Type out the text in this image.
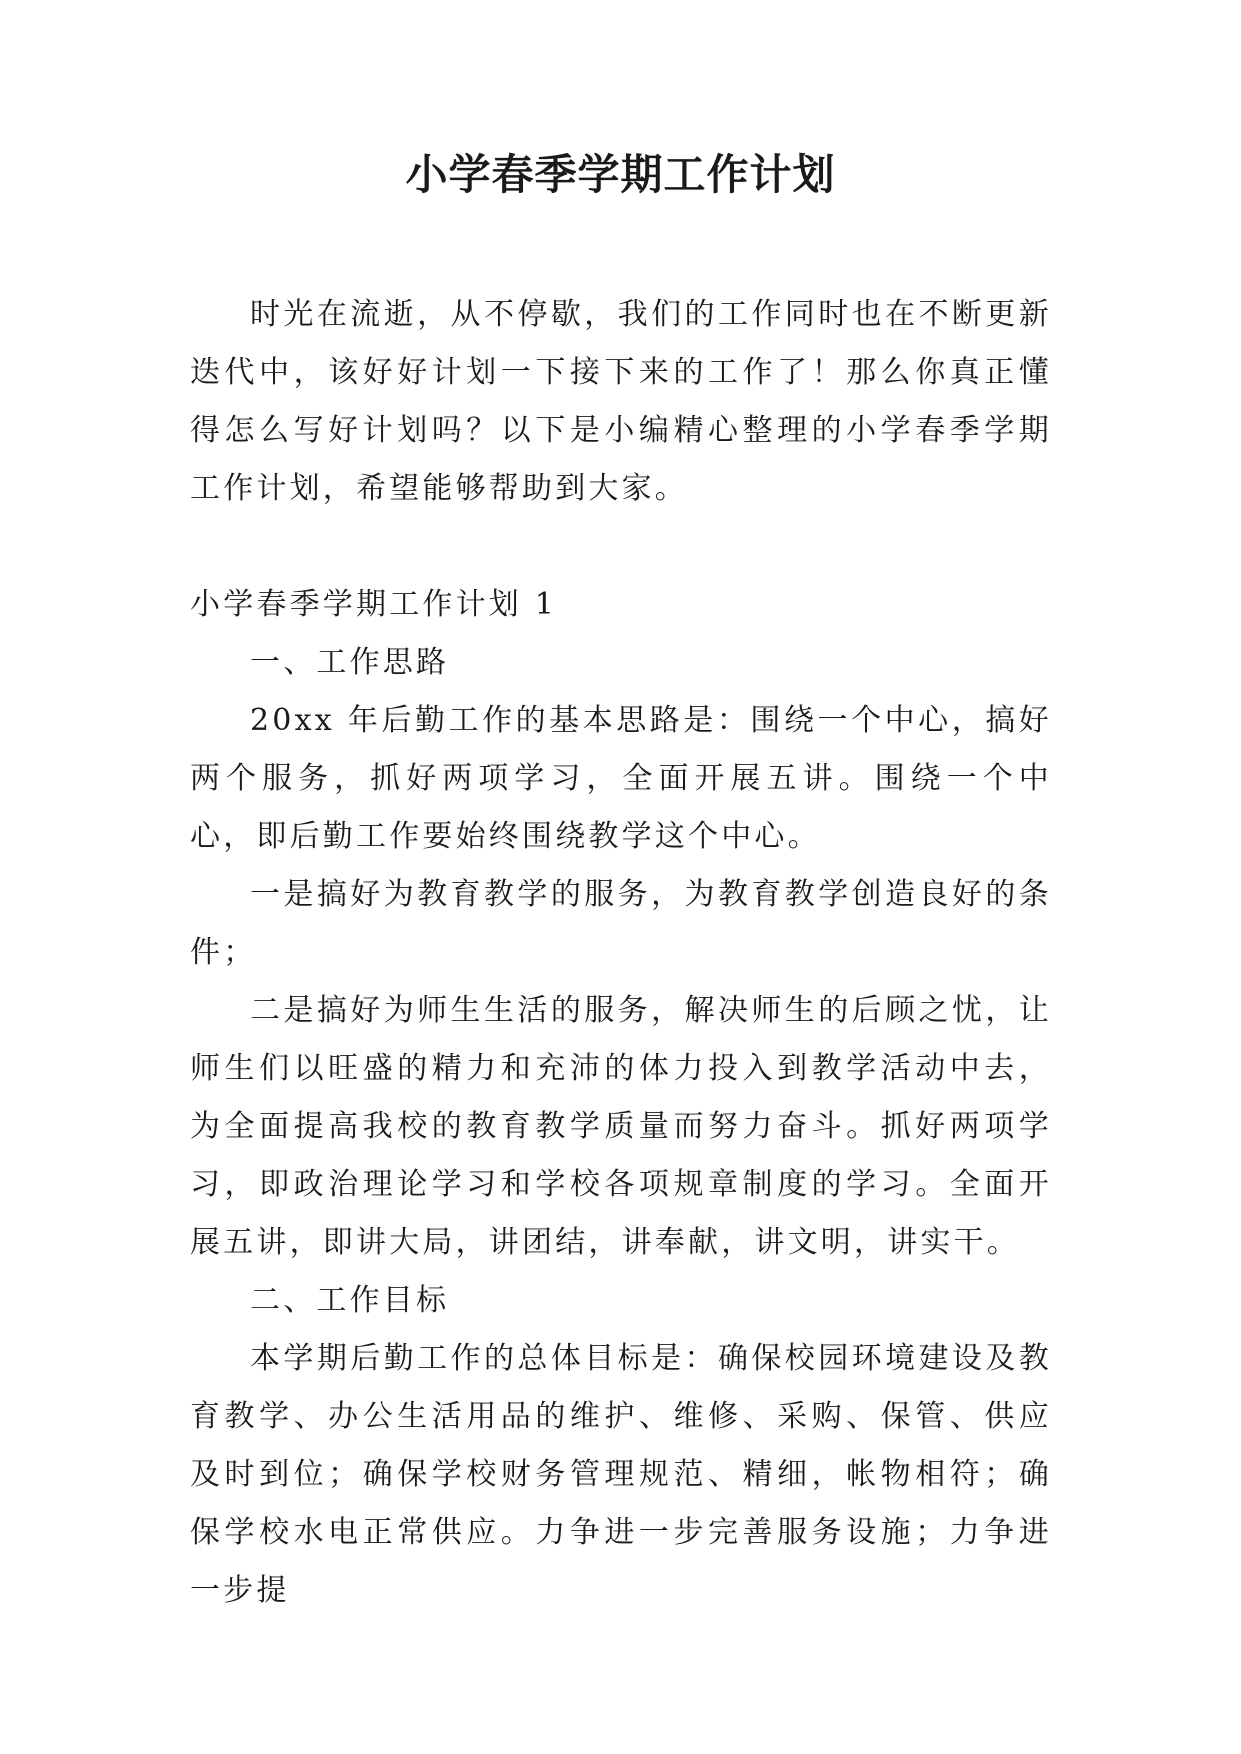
小学春季学期工作计划

时光在流逝，从不停歇，我们的工作同时也在不断更新迭代中，该好好计划一下接下来的工作了！那么你真正懂得怎么写好计划吗？以下是小编精心整理的小学春季学期工作计划，希望能够帮助到大家。

小学春季学期工作计划 1

一、工作思路

20xx 年后勤工作的基本思路是：围绕一个中心，搞好两个服务，抓好两项学习，全面开展五讲。围绕一个中心，即后勤工作要始终围绕教学这个中心。

一是搞好为教育教学的服务，为教育教学创造良好的条件；

二是搞好为师生生活的服务，解决师生的后顾之忧，让师生们以旺盛的精力和充沛的体力投入到教学活动中去，为全面提高我校的教育教学质量而努力奋斗。抓好两项学习，即政治理论学习和学校各项规章制度的学习。全面开展五讲，即讲大局，讲团结，讲奉献，讲文明，讲实干。

二、工作目标

本学期后勤工作的总体目标是：确保校园环境建设及教育教学、办公生活用品的维护、维修、采购、保管、供应及时到位；确保学校财务管理规范、精细，帐物相符；确保学校水电正常供应。力争进一步完善服务设施；力争进一步提
